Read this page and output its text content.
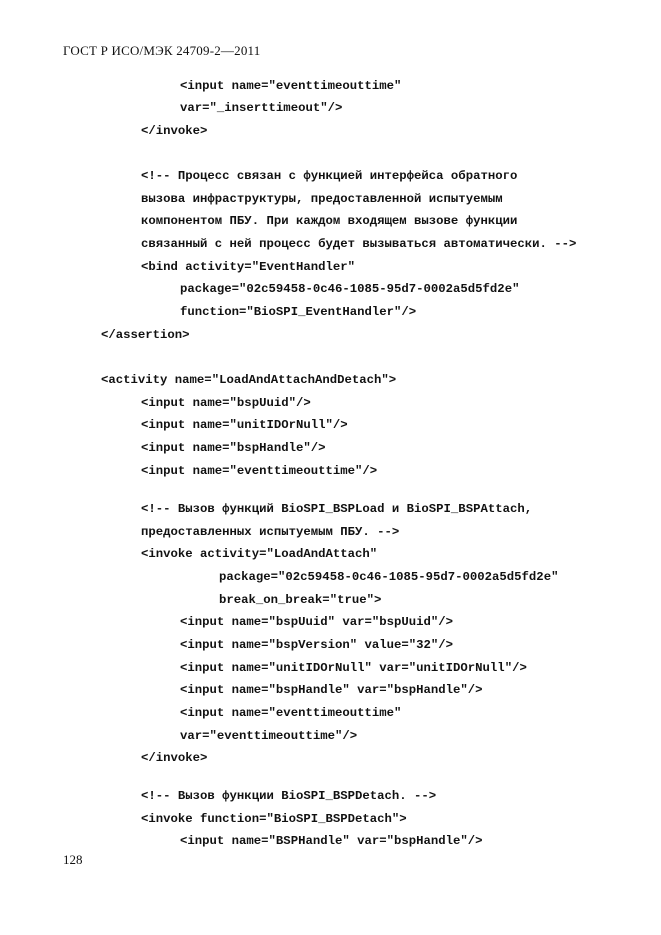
ГОСТ Р ИСО/МЭК 24709-2—2011

<input name="eventtimeouttime"

var="_inserttimeout"/>

</invoke>

<!-- Процесс связан с функцией интерфейса обратного

вызова инфраструктуры, предоставленной испытуемым

компонентом ПБУ. При каждом входящем вызове функции

связанный с ней процесс будет вызываться автоматически. -->

<bind activity="EventHandler"

package="02c59458-0c46-1085-95d7-0002a5d5fd2e"

function="BioSPI_EventHandler"/>

</assertion>

<activity name="LoadAndAttachAndDetach">

<input name="bspUuid"/>

<input name="unitIDOrNull"/>

<input name="bspHandle"/>

<input name="eventtimeouttime"/>

<!-- Вызов функций BioSPI_BSPLoad и BioSPI_BSPAttach,

предоставленных испытуемым ПБУ. -->

<invoke activity="LoadAndAttach"

package="02c59458-0c46-1085-95d7-0002a5d5fd2e"

break_on_break="true">

<input name="bspUuid" var="bspUuid"/>

<input name="bspVersion" value="32"/>

<input name="unitIDOrNull" var="unitIDOrNull"/>

<input name="bspHandle" var="bspHandle"/>

<input name="eventtimeouttime"

var="eventtimeouttime"/>

</invoke>

<!-- Вызов функции BioSPI_BSPDetach. -->

<invoke function="BioSPI_BSPDetach">

<input name="BSPHandle" var="bspHandle"/>

128
